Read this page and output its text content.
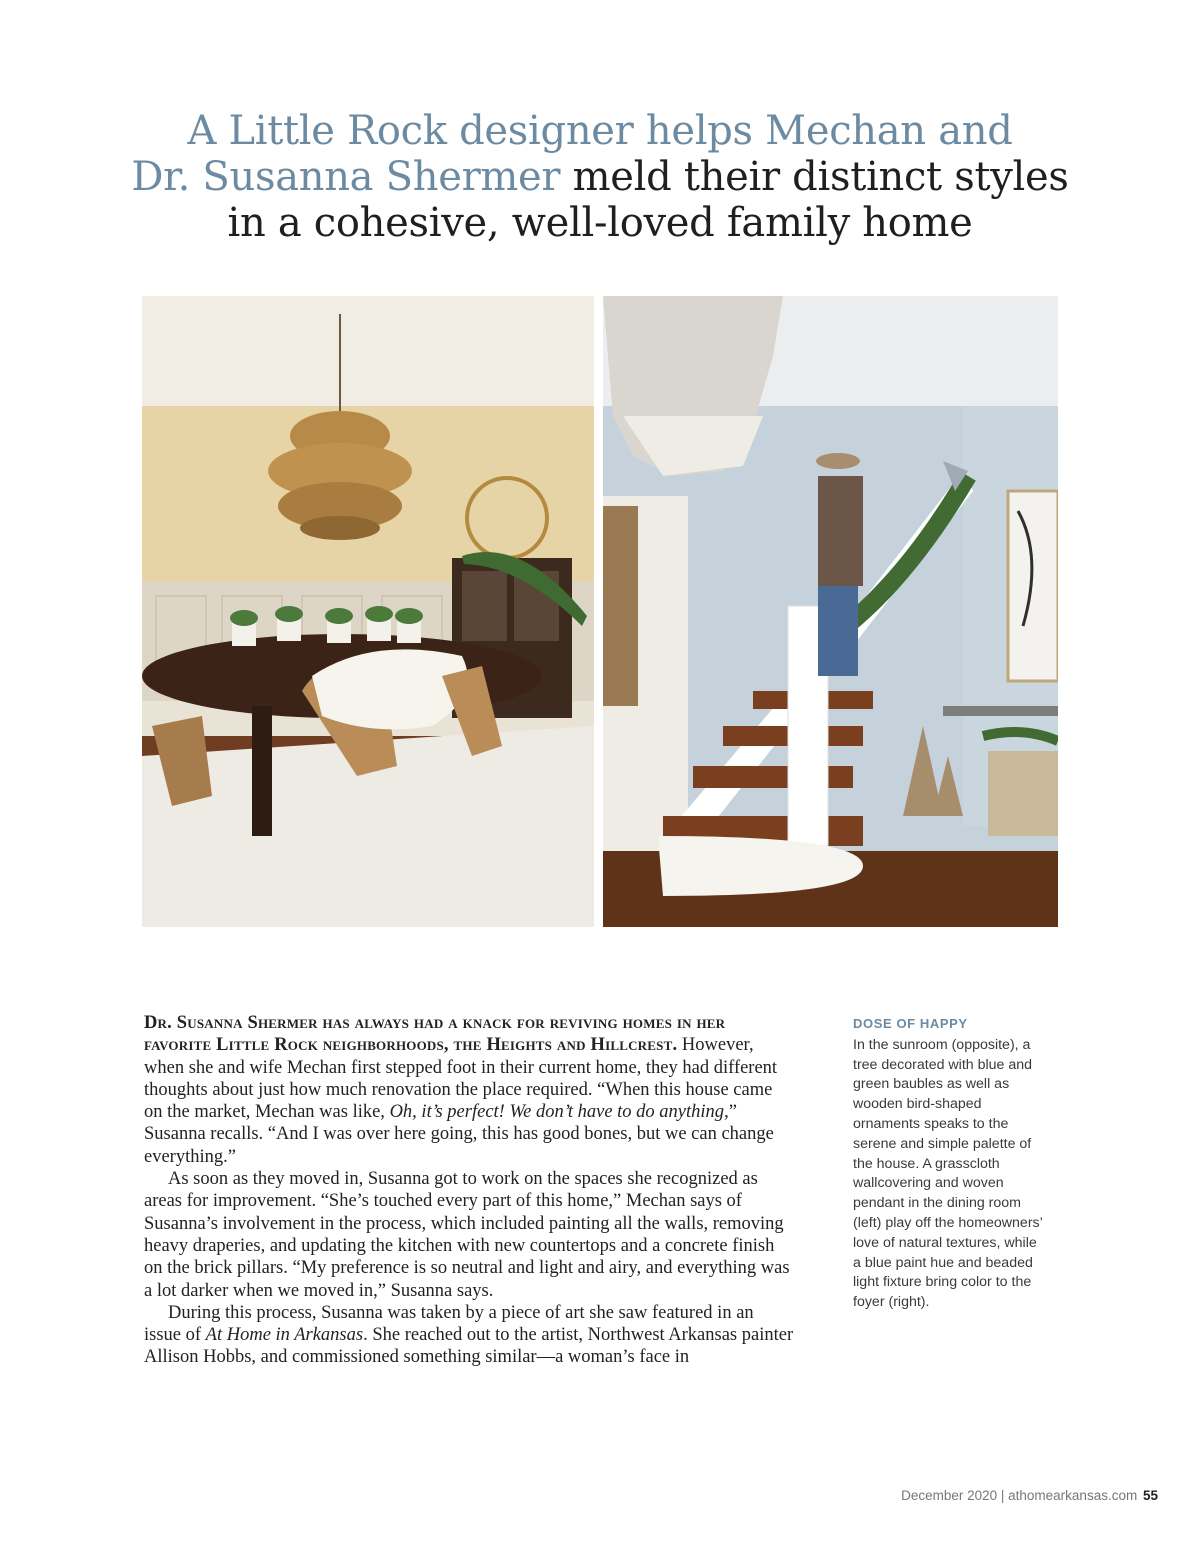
A Little Rock designer helps Mechan and
Dr. Susanna Shermer meld their distinct styles
in a cohesive, well-loved family home

Dr. Susanna Shermer has always had a knack for reviving homes in her favorite Little Rock neighborhoods, the Heights and Hillcrest. However, when she and wife Mechan first stepped foot in their current home, they had different thoughts about just how much renovation the place required. “When this house came on the market, Mechan was like, Oh, it’s perfect! We don’t have to do anything,” Susanna recalls. “And I was over here going, this has good bones, but we can change everything.”

As soon as they moved in, Susanna got to work on the spaces she recognized as areas for improvement. “She’s touched every part of this home,” Mechan says of Susanna’s involvement in the process, which included painting all the walls, removing heavy draperies, and updating the kitchen with new countertops and a concrete finish on the brick pillars. “My preference is so neutral and light and airy, and everything was a lot darker when we moved in,” Susanna says.

During this process, Susanna was taken by a piece of art she saw featured in an issue of At Home in Arkansas. She reached out to the artist, Northwest Arkansas painter Allison Hobbs, and commissioned something similar—a woman’s face in

DOSE OF HAPPY
In the sunroom (opposite), a tree decorated with blue and green baubles as well as wooden bird-shaped ornaments speaks to the serene and simple palette of the house. A grasscloth wallcovering and woven pendant in the dining room (left) play off the homeowners’ love of natural textures, while a blue paint hue and beaded light fixture bring color to the foyer (right).
December 2020 | athomearkansas.com 55
